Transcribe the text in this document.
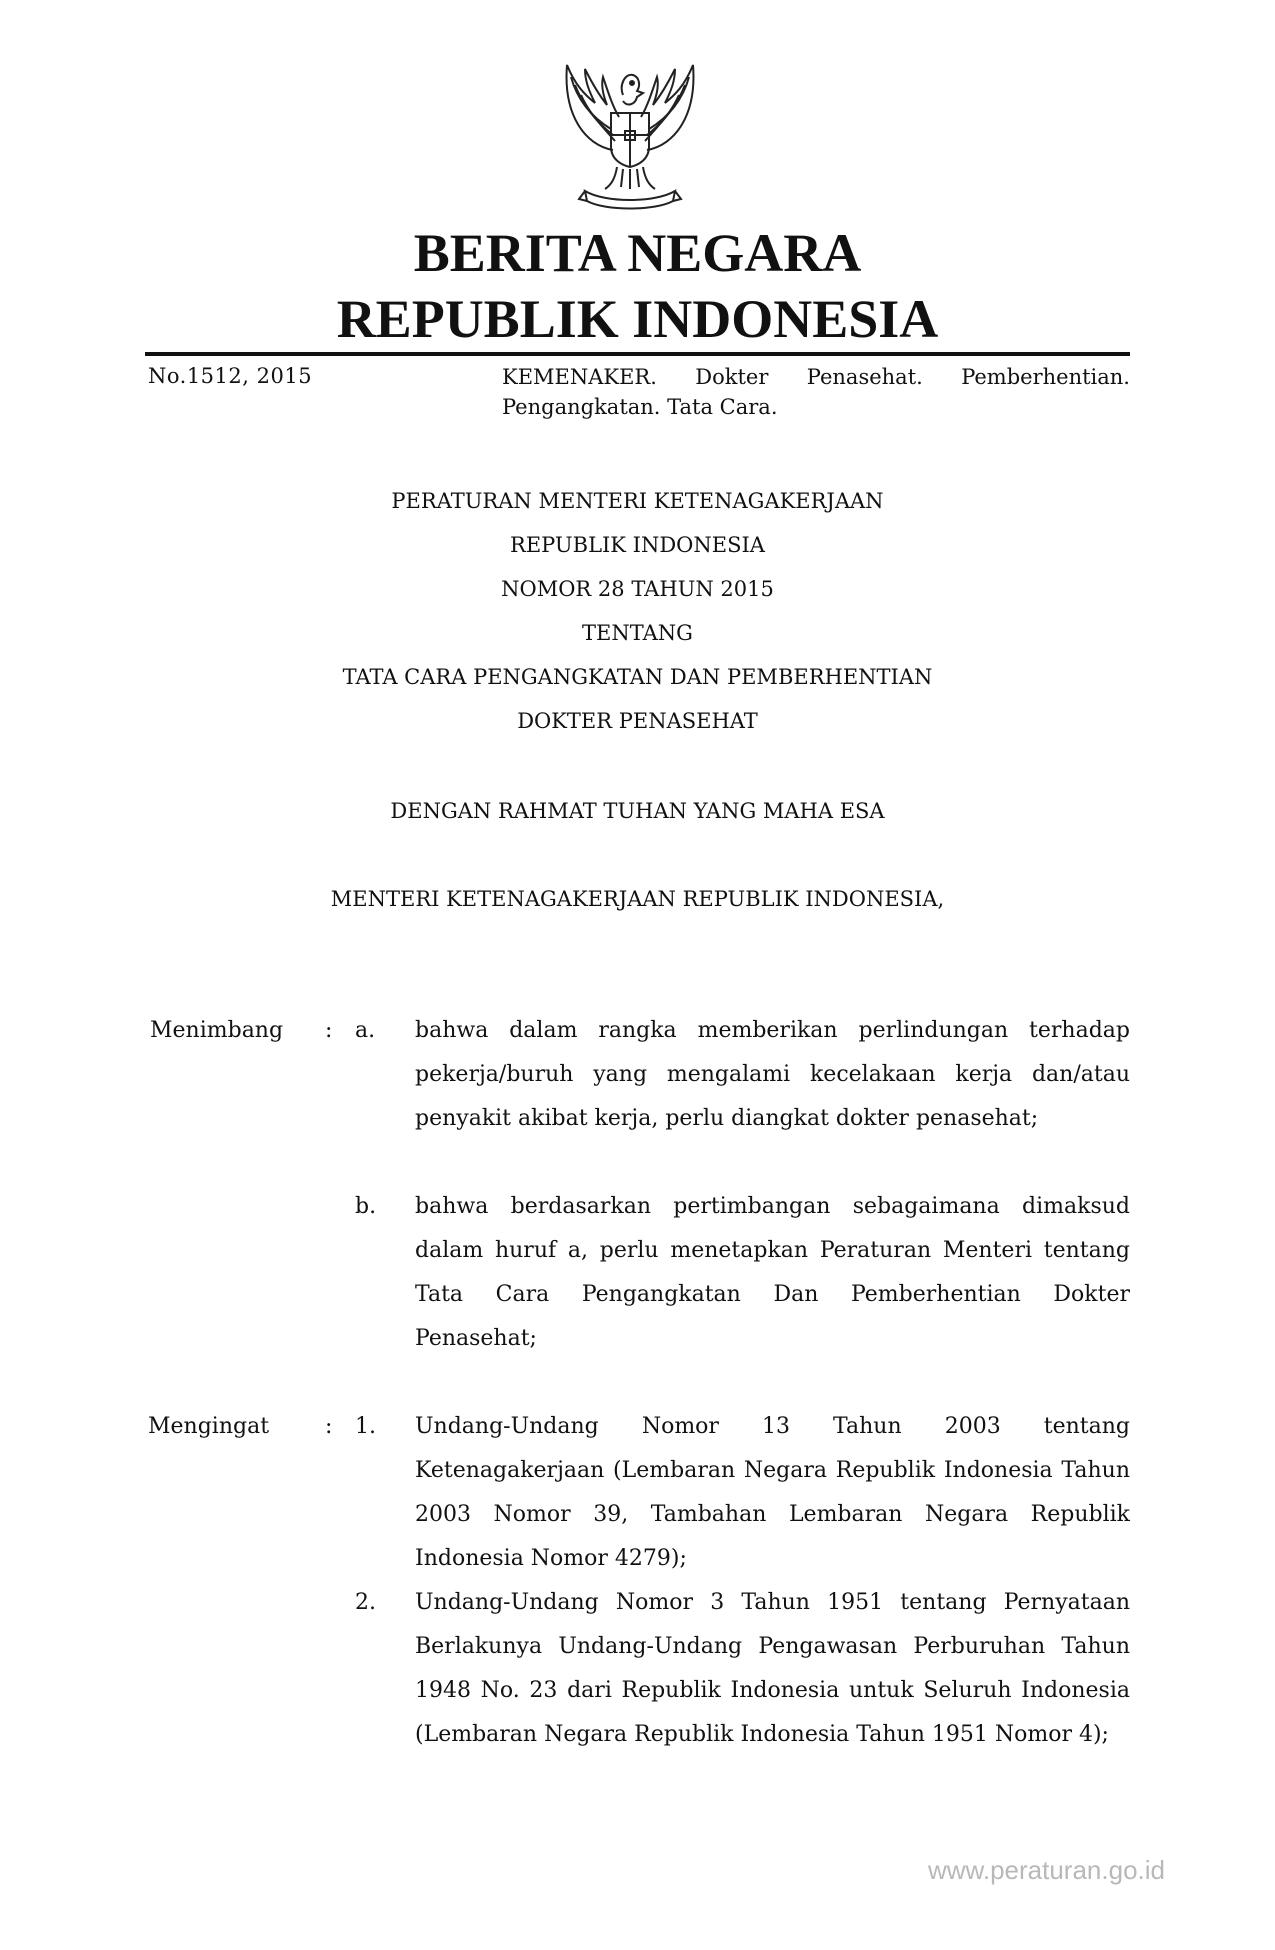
BERITA NEGARA
REPUBLIK INDONESIA
No.1512, 2015	KEMENAKER. Dokter Penasehat. Pemberhentian.
Pengangkatan. Tata Cara.
PERATURAN MENTERI KETENAGAKERJAAN
REPUBLIK INDONESIA
NOMOR 28 TAHUN 2015
TENTANG
TATA CARA PENGANGKATAN DAN PEMBERHENTIAN
DOKTER PENASEHAT
DENGAN RAHMAT TUHAN YANG MAHA ESA
MENTERI KETENAGAKERJAAN REPUBLIK INDONESIA,
Menimbang : a. bahwa dalam rangka memberikan perlindungan terhadap pekerja/buruh yang mengalami kecelakaan kerja dan/atau penyakit akibat kerja, perlu diangkat dokter penasehat;
b. bahwa berdasarkan pertimbangan sebagaimana dimaksud dalam huruf a, perlu menetapkan Peraturan Menteri tentang Tata Cara Pengangkatan Dan Pemberhentian Dokter Penasehat;
Mengingat	: 1. Undang-Undang Nomor 13 Tahun 2003 tentang Ketenagakerjaan (Lembaran Negara Republik Indonesia Tahun 2003 Nomor 39, Tambahan Lembaran Negara Republik Indonesia Nomor 4279);
2. Undang-Undang Nomor 3 Tahun 1951 tentang Pernyataan Berlakunya Undang-Undang Pengawasan Perburuhan Tahun 1948 No. 23 dari Republik Indonesia untuk Seluruh Indonesia (Lembaran Negara Republik Indonesia Tahun 1951 Nomor 4);
www.peraturan.go.id
